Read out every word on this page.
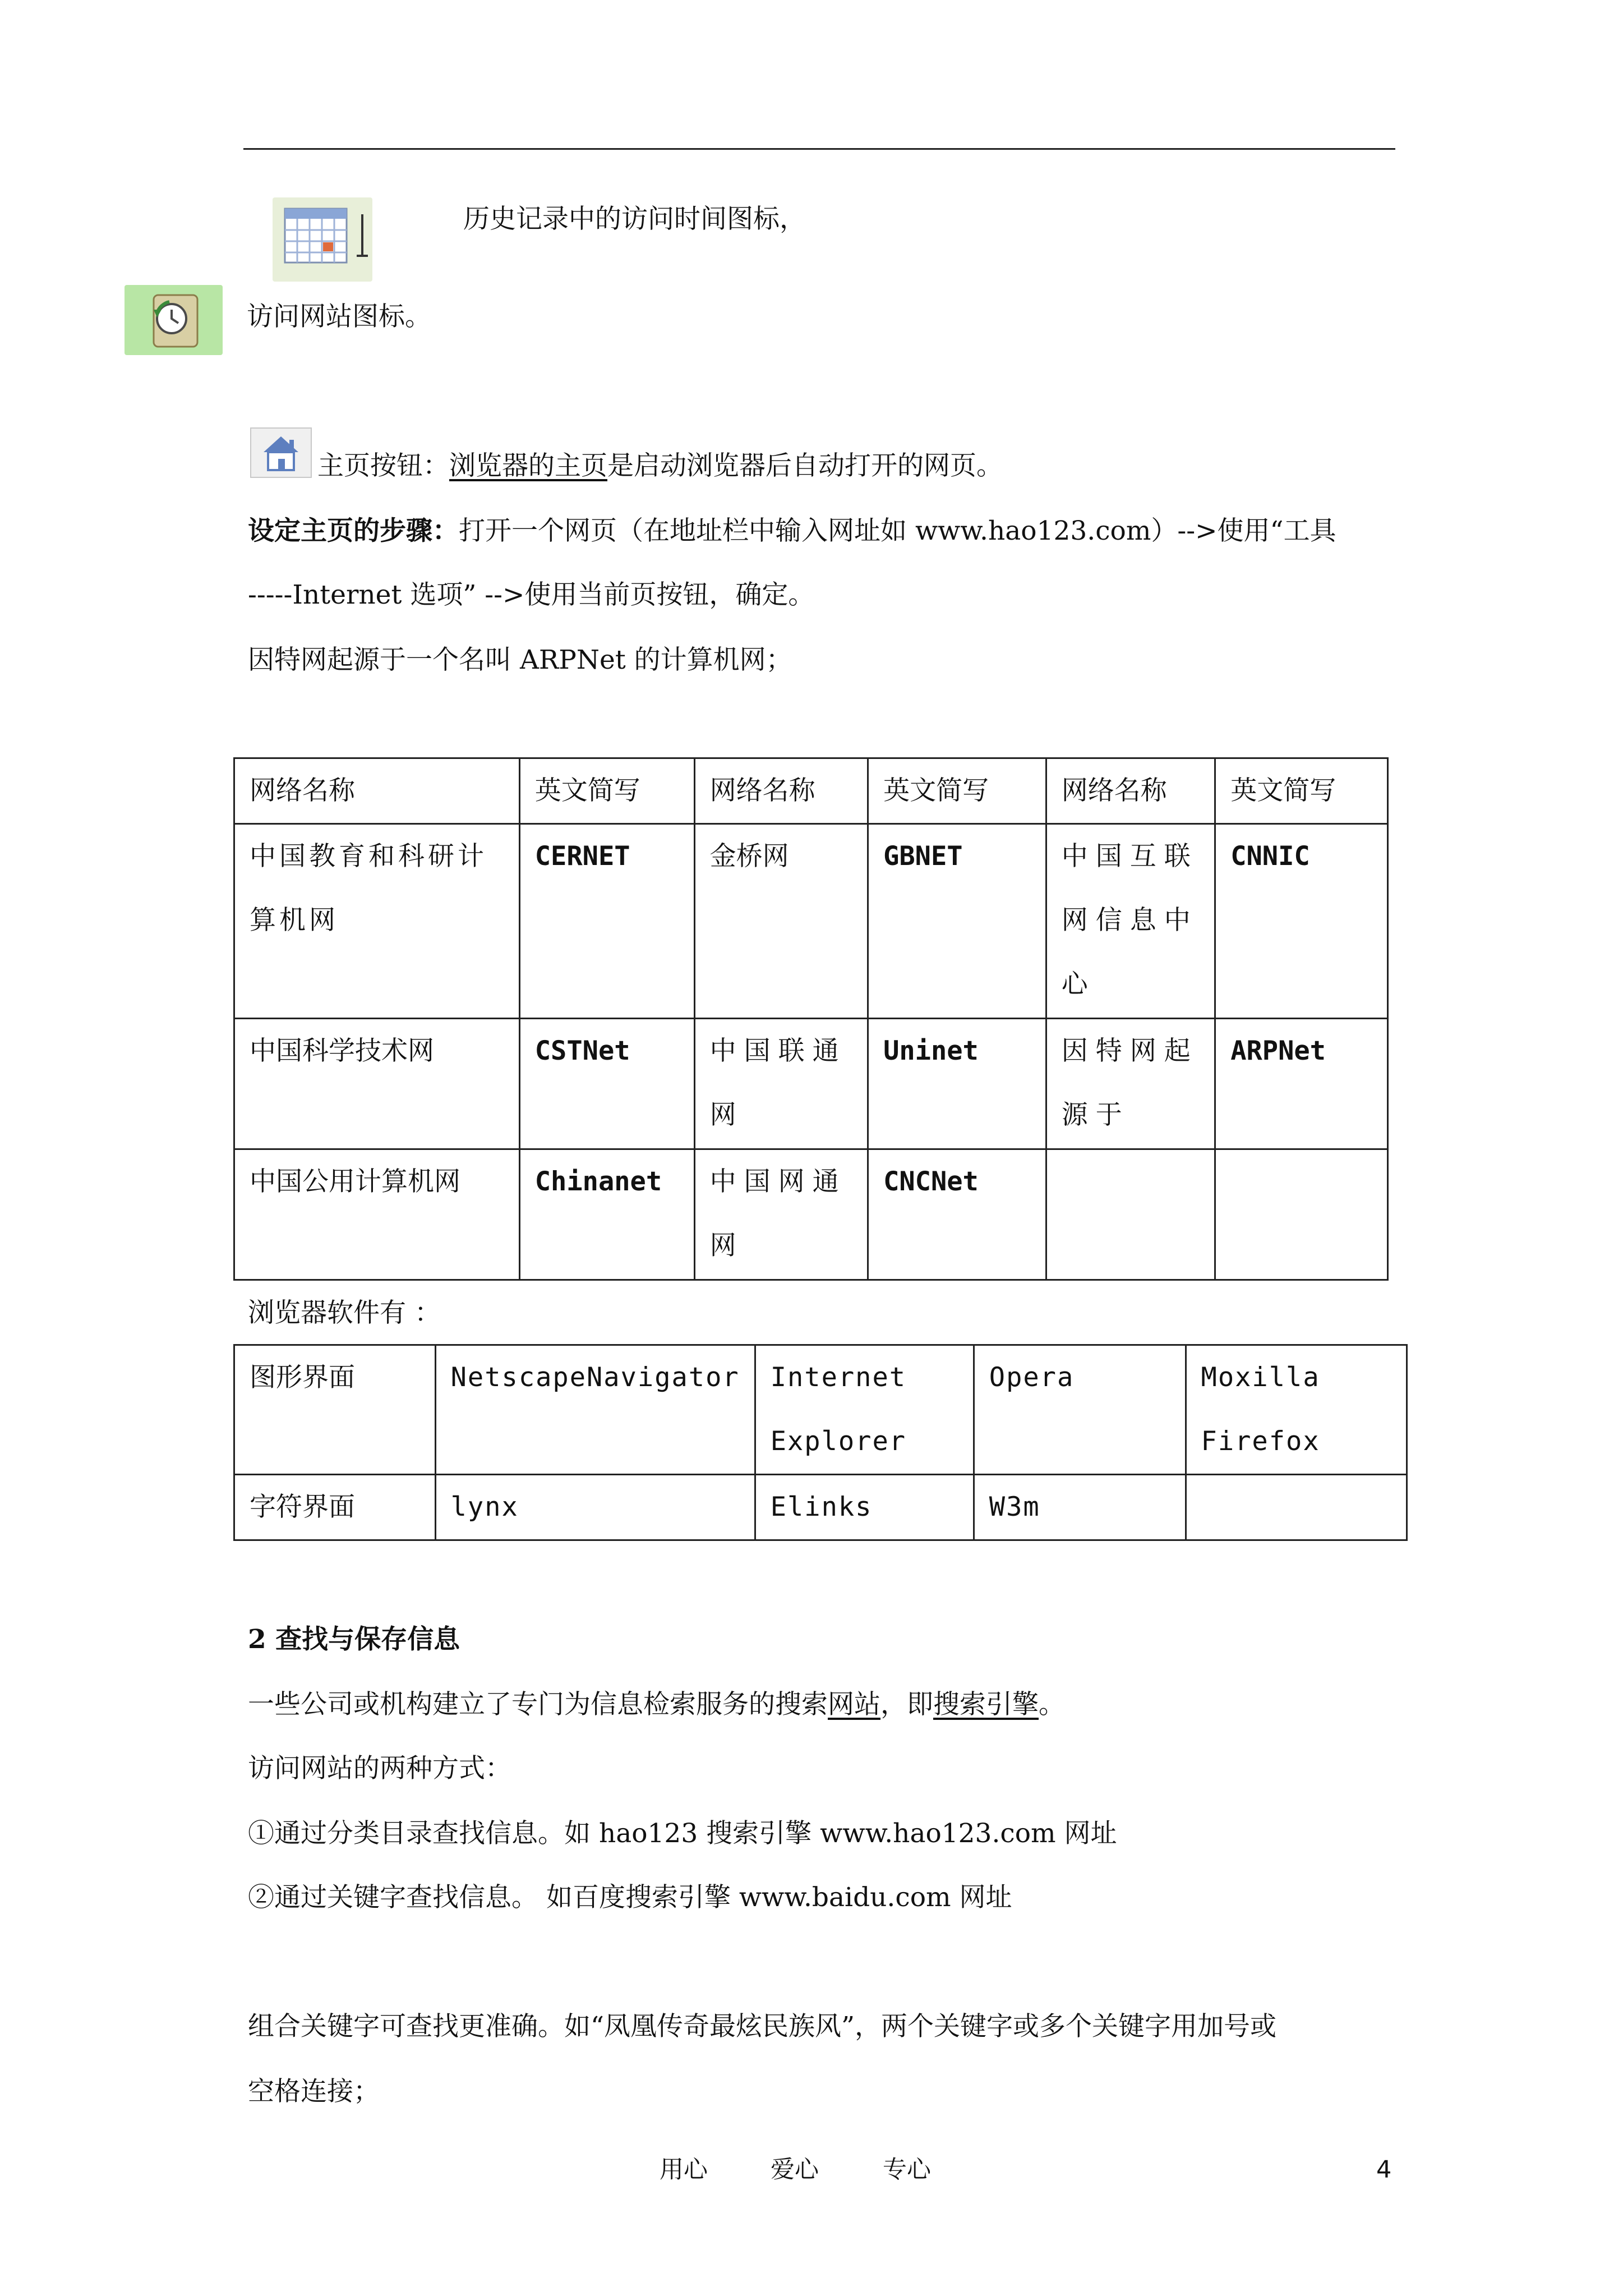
历史记录中的访问时间图标，
访问网站图标。
主页按钮：浏览器的主页是启动浏览器后自动打开的网页。
设定主页的步骤：打开一个网页（在地址栏中输入网址如 www.hao123.com）-->使用“工具
-----Internet 选项” -->使用当前页按钮，确定。
因特网起源于一个名叫 ARPNet 的计算机网；
网络名称	英文简写	网络名称	英文简写	网络名称	英文简写
中国教育和科研计算机网	CERNET	金桥网	GBNET	中国互联网信息中心	CNNIC
中国科学技术网	CSTNet	中国联通网	Uninet	因特网起源于	ARPNet
中国公用计算机网	Chinanet	中国网通网	CNCNet		
浏览器软件有 ：
图形界面	NetscapeNavigator	Internet Explorer	Opera	Moxilla Firefox
字符界面	lynx	Elinks	W3m	
2 查找与保存信息
一些公司或机构建立了专门为信息检索服务的搜索网站，即搜索引擎。
访问网站的两种方式：
①通过分类目录查找信息。如 hao123 搜索引擎 www.hao123.com 网址
②通过关键字查找信息。 如百度搜索引擎 www.baidu.com 网址
组合关键字可查找更准确。如“凤凰传奇最炫民族风”，两个关键字或多个关键字用加号或
空格连接；
用心	爱心	专心	4
